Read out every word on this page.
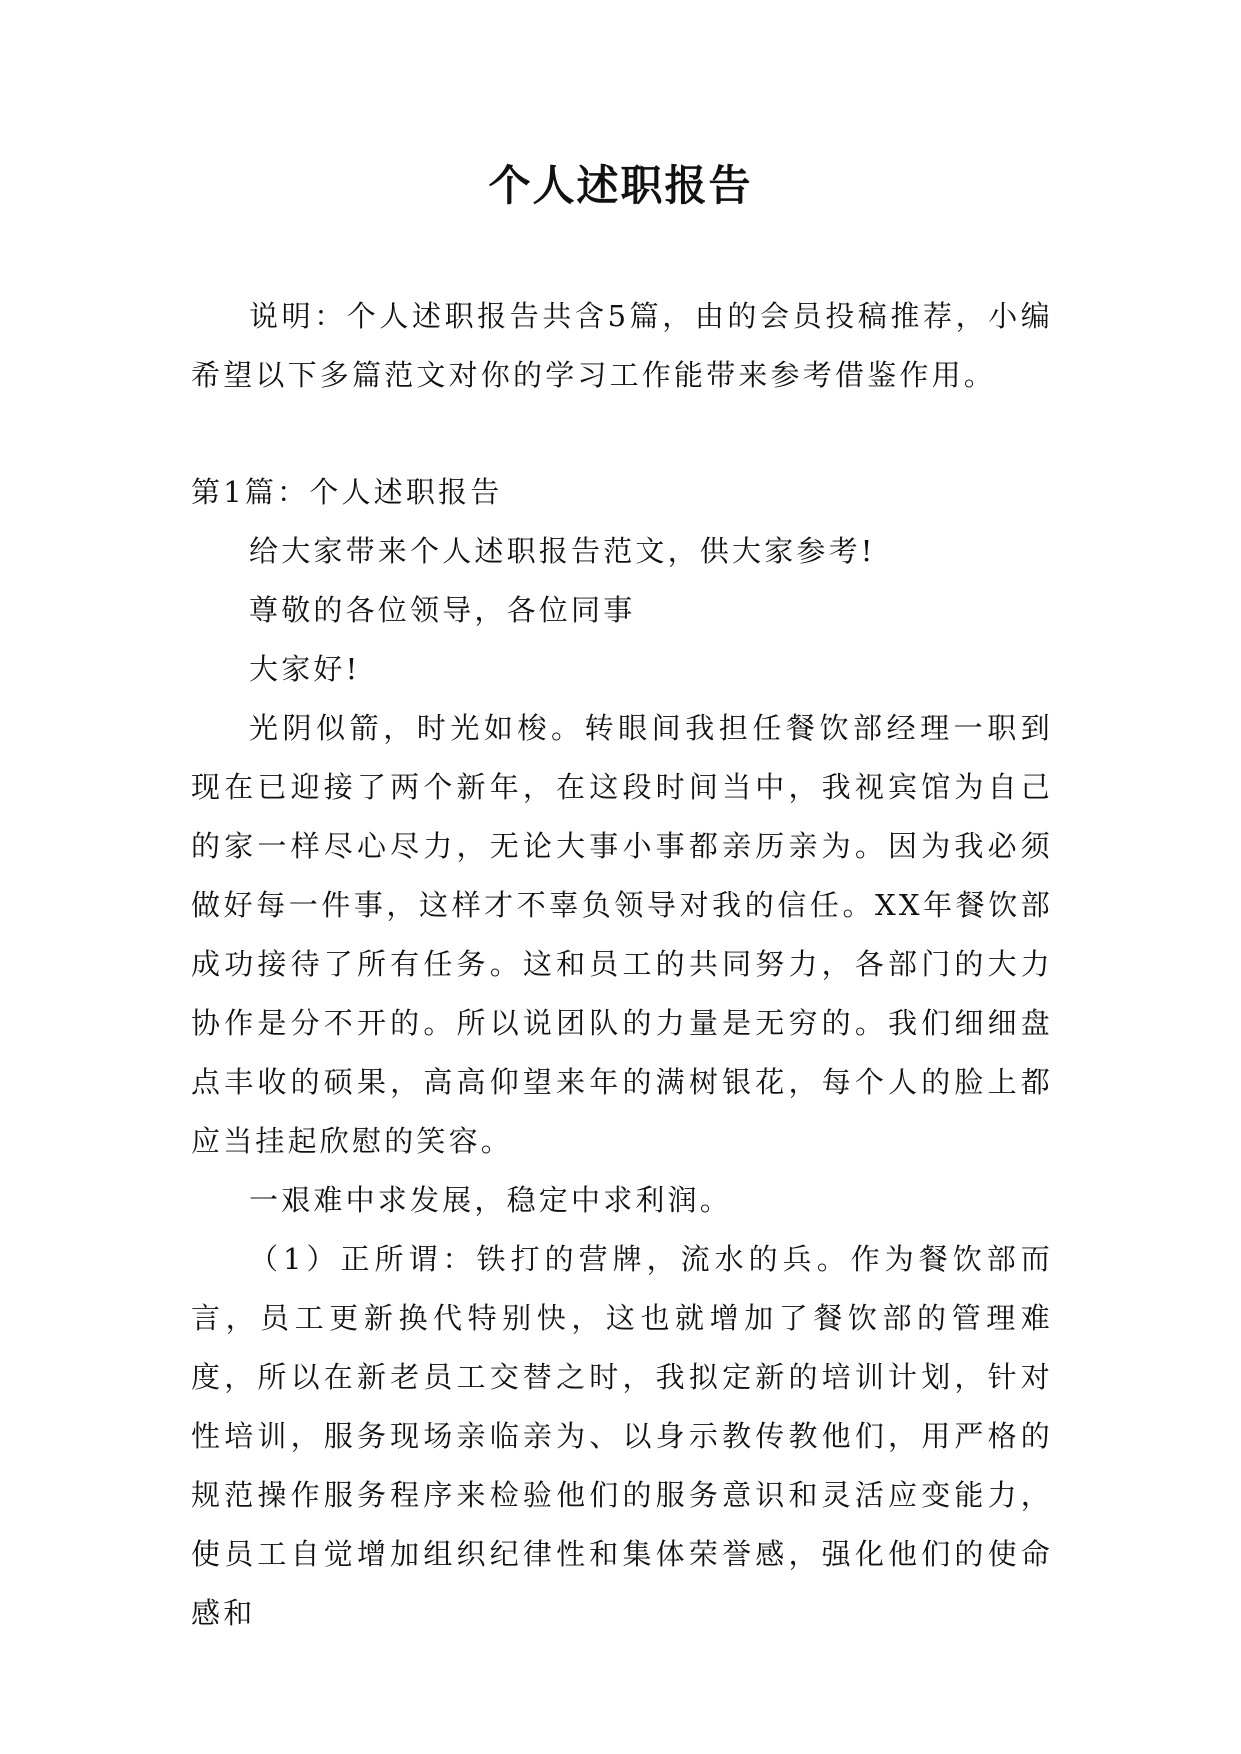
个人述职报告

说明：个人述职报告共含5篇，由的会员投稿推荐，小编希望以下多篇范文对你的学习工作能带来参考借鉴作用。

第1篇：个人述职报告

给大家带来个人述职报告范文，供大家参考!

尊敬的各位领导，各位同事

大家好!

光阴似箭，时光如梭。转眼间我担任餐饮部经理一职到现在已迎接了两个新年，在这段时间当中，我视宾馆为自己的家一样尽心尽力，无论大事小事都亲历亲为。因为我必须做好每一件事，这样才不辜负领导对我的信任。XX年餐饮部成功接待了所有任务。这和员工的共同努力，各部门的大力协作是分不开的。所以说团队的力量是无穷的。我们细细盘点丰收的硕果，高高仰望来年的满树银花，每个人的脸上都应当挂起欣慰的笑容。

一艰难中求发展，稳定中求利润。

（1）正所谓：铁打的营牌，流水的兵。作为餐饮部而言，员工更新换代特别快，这也就增加了餐饮部的管理难度，所以在新老员工交替之时，我拟定新的培训计划，针对性培训，服务现场亲临亲为、以身示教传教他们，用严格的规范操作服务程序来检验他们的服务意识和灵活应变能力，使员工自觉增加组织纪律性和集体荣誉感，强化他们的使命感和
